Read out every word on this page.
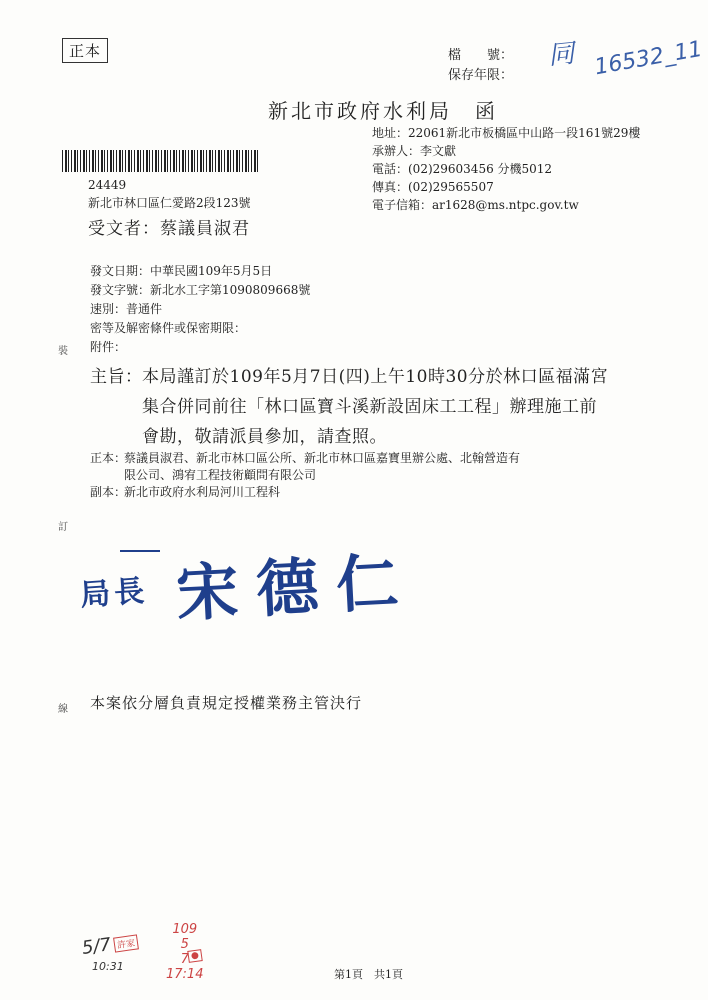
正本	檔　　號：
保存年限：
同 16532_11
新北市政府水利局　函
地址：22061新北市板橋區中山路一段161號29樓
承辦人：李文獻
電話：(02)29603456 分機5012
傳真：(02)29565507
電子信箱：ar1628@ms.ntpc.gov.tw
24449
新北市林口區仁愛路2段123號
受文者：蔡議員淑君
發文日期：中華民國109年5月5日
發文字號：新北水工字第1090809668號
速別：普通件
密等及解密條件或保密期限：
附件：
裝
訂
線
主旨： 本局謹訂於109年5月7日(四)上午10時30分於林口區福滿宮
集合併同前往「林口區寶斗溪新設固床工工程」辦理施工前
會勘，敬請派員參加，請查照。
正本：
蔡議員淑君、新北市林口區公所、新北市林口區嘉寶里辦公處、北翰營造有
限公司、鴻宥工程技術顧問有限公司
副本：
新北市政府水利局河川工程科
局長 宋德仁
本案依分層負責規定授權業務主管決行
5/7
10:31
許家
109
5
7
17:14
●
第1頁　共1頁
